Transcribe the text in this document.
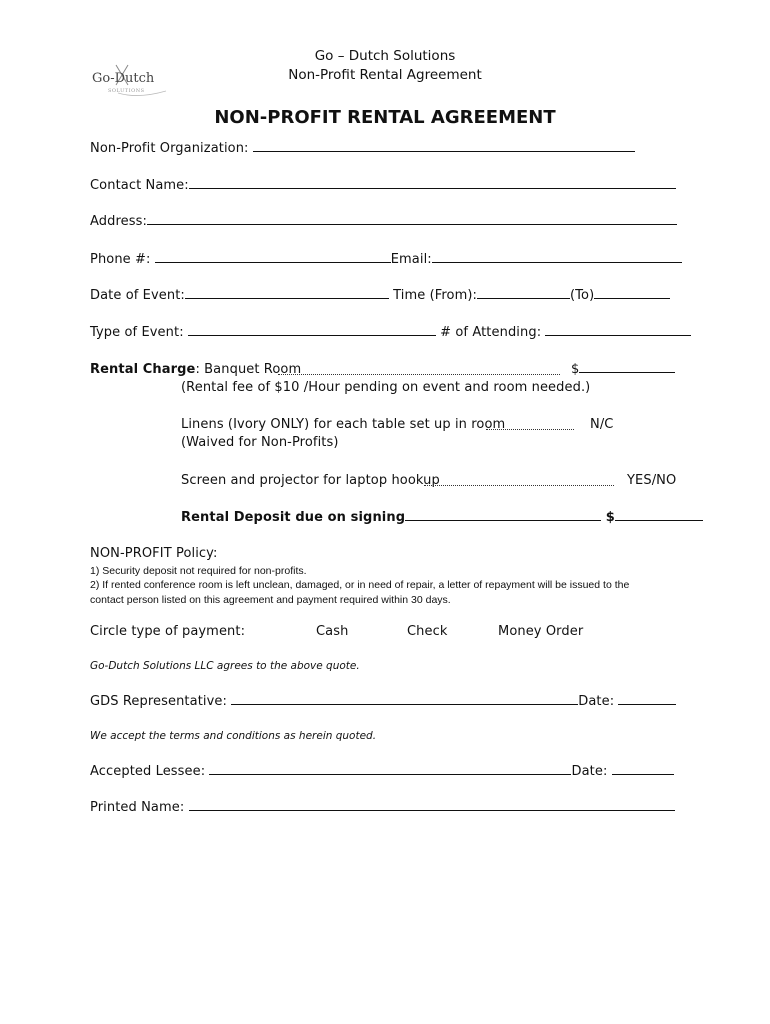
Go-Dutch
SOLUTIONS
Go – Dutch Solutions
Non-Profit Rental Agreement
NON-PROFIT RENTAL AGREEMENT
Non-Profit Organization:
Contact Name:
Address:
Phone #:	Email:
Date of Event:	Time (From):	(To)
Type of Event:	# of Attending:
Rental Charge: Banquet Room	$
(Rental fee of $10 /Hour pending on event and room needed.)
Linens (Ivory ONLY) for each table set up in room	N/C
(Waived for Non-Profits)
Screen and projector for laptop hookup	YES/NO
Rental Deposit due on signing	$
NON-PROFIT Policy:
1) Security deposit not required for non-profits.
2) If rented conference room is left unclean, damaged, or in need of repair, a letter of repayment will be issued to the
contact person listed on this agreement and payment required within 30 days.
Circle type of payment:	Cash	Check	Money Order
Go-Dutch Solutions LLC agrees to the above quote.
GDS Representative:	Date:
We accept the terms and conditions as herein quoted.
Accepted Lessee:	Date:
Printed Name:
